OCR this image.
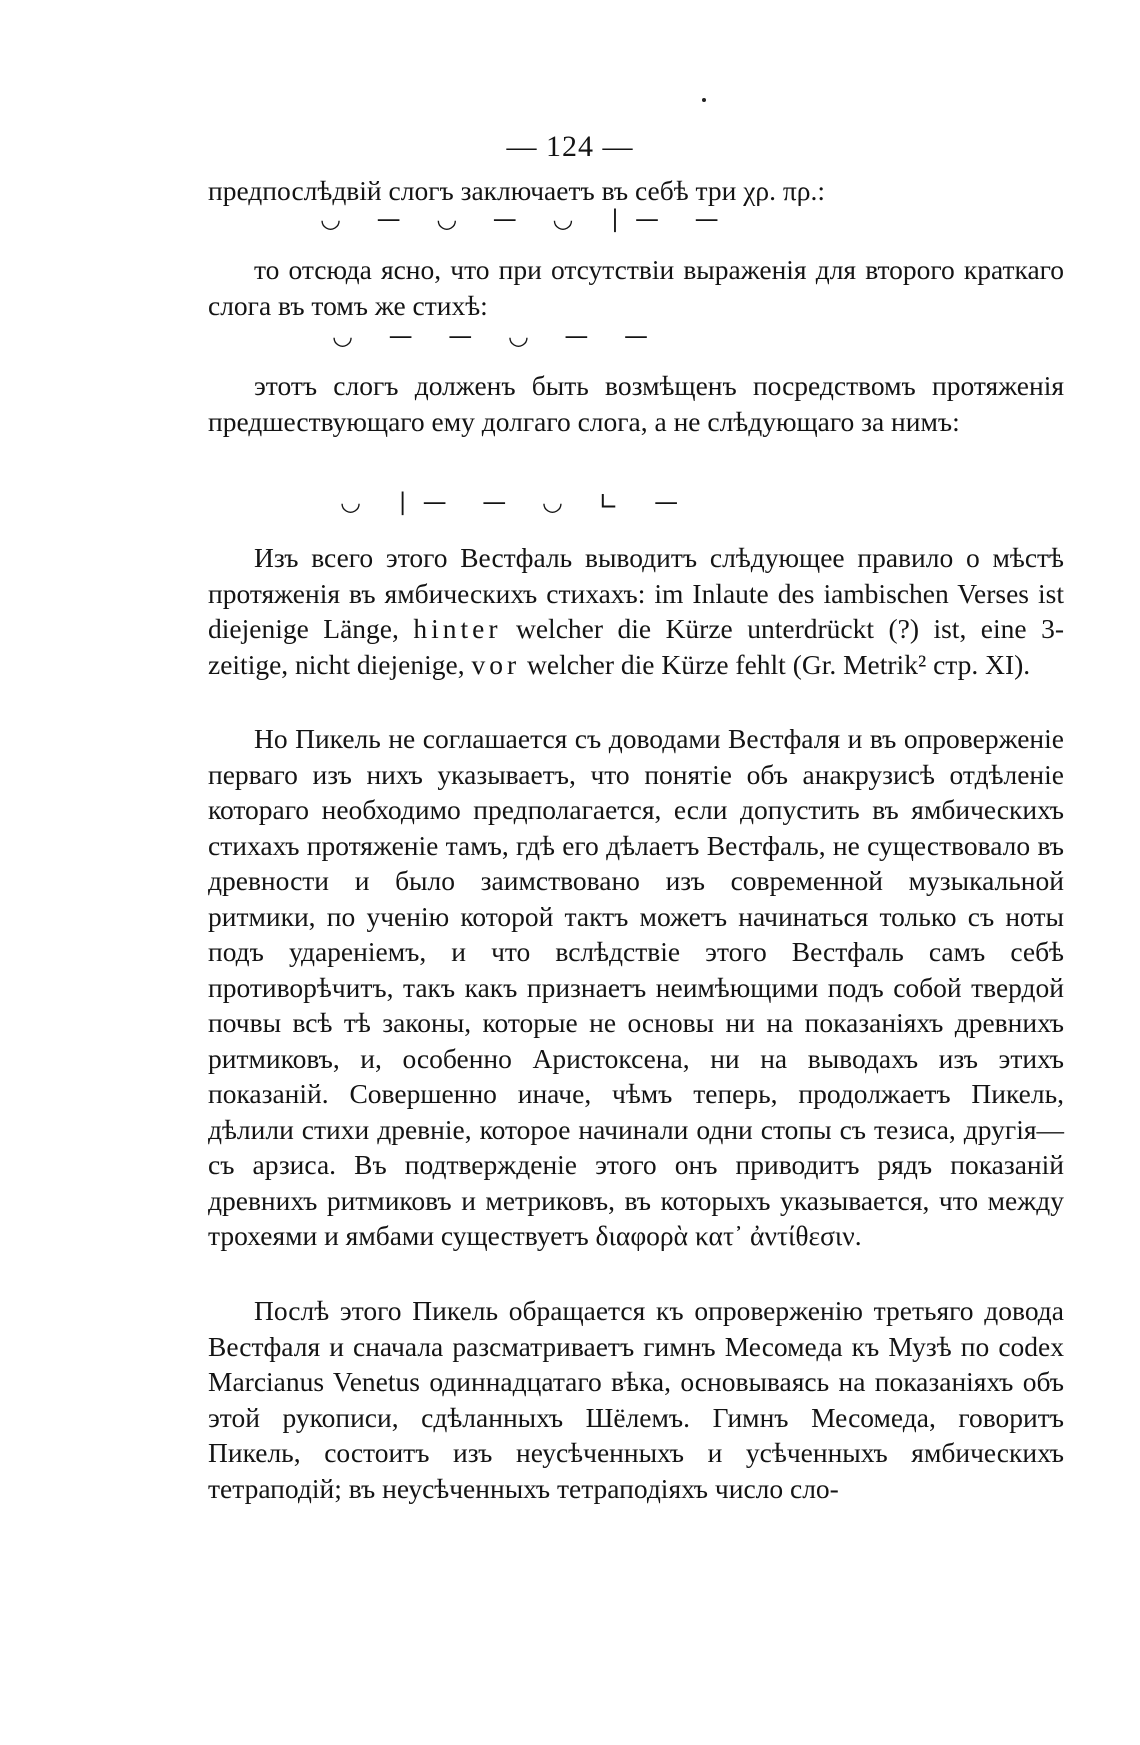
— 124 —
предпослѣдвій слогъ заключаетъ въ себѣ три χρ. πρ.:
◡ — ◡ — ◡ ∣— —
то отсюда ясно, что при отсутствіи выраженія для второго краткаго слога въ томъ же стихѣ:
◡ — — ◡ — —
этотъ слогъ долженъ быть возмѣщенъ посредствомъ протяженія предшествующаго ему долгаго слога, а не слѣдующаго за нимъ:
◡ ∣— — ◡ ∟ —
Изъ всего этого Вестфаль выводитъ слѣдующее правило о мѣстѣ протяженія въ ямбическихъ стихахъ: im Inlaute des iambischen Verses ist diejenige Länge, hinter welcher die Kürze unterdrückt (?) ist, eine 3-zeitige, nicht diejenige, vor welcher die Kürze fehlt (Gr. Metrik² стр. XI).
Но Пикель не соглашается съ доводами Вестфаля и въ опроверженіе перваго изъ нихъ указываетъ, что понятіе объ анакрузисѣ отдѣленіе котораго необходимо предполагается, если допустить въ ямбическихъ стихахъ протяженіе тамъ, гдѣ его дѣлаетъ Вестфаль, не существовало въ древности и было заимствовано изъ современной музыкальной ритмики, по ученію которой тактъ можетъ начинаться только съ ноты подъ удареніемъ, и что вслѣдствіе этого Вестфаль самъ себѣ противорѣчитъ, такъ какъ признаетъ неимѣющими подъ собой твердой почвы всѣ тѣ законы, которые не основы ни на показаніяхъ древнихъ ритмиковъ, и, особенно Аристоксена, ни на выводахъ изъ этихъ показаній. Совершенно иначе, чѣмъ теперь, продолжаетъ Пикель, дѣлили стихи древніе, которое начинали одни стопы съ тезиса, другія—съ арзиса. Въ подтвержденіе этого онъ приводитъ рядъ показаній древнихъ ритмиковъ и метриковъ, въ которыхъ указывается, что между трохеями и ямбами существуетъ διαφορὰ κατ᾽ ἀντίθεσιν.
Послѣ этого Пикель обращается къ опроверженію третьяго довода Вестфаля и сначала разсматриваетъ гимнъ Месомеда къ Музѣ по codex Marcianus Venetus одиннадцатаго вѣка, основываясь на показаніяхъ объ этой рукописи, сдѣланныхъ Шёлемъ. Гимнъ Месомеда, говоритъ Пикель, состоитъ изъ неусѣченныхъ и усѣченныхъ ямбическихъ тетраподій; въ неусѣченныхъ тетраподіяхъ число сло-
